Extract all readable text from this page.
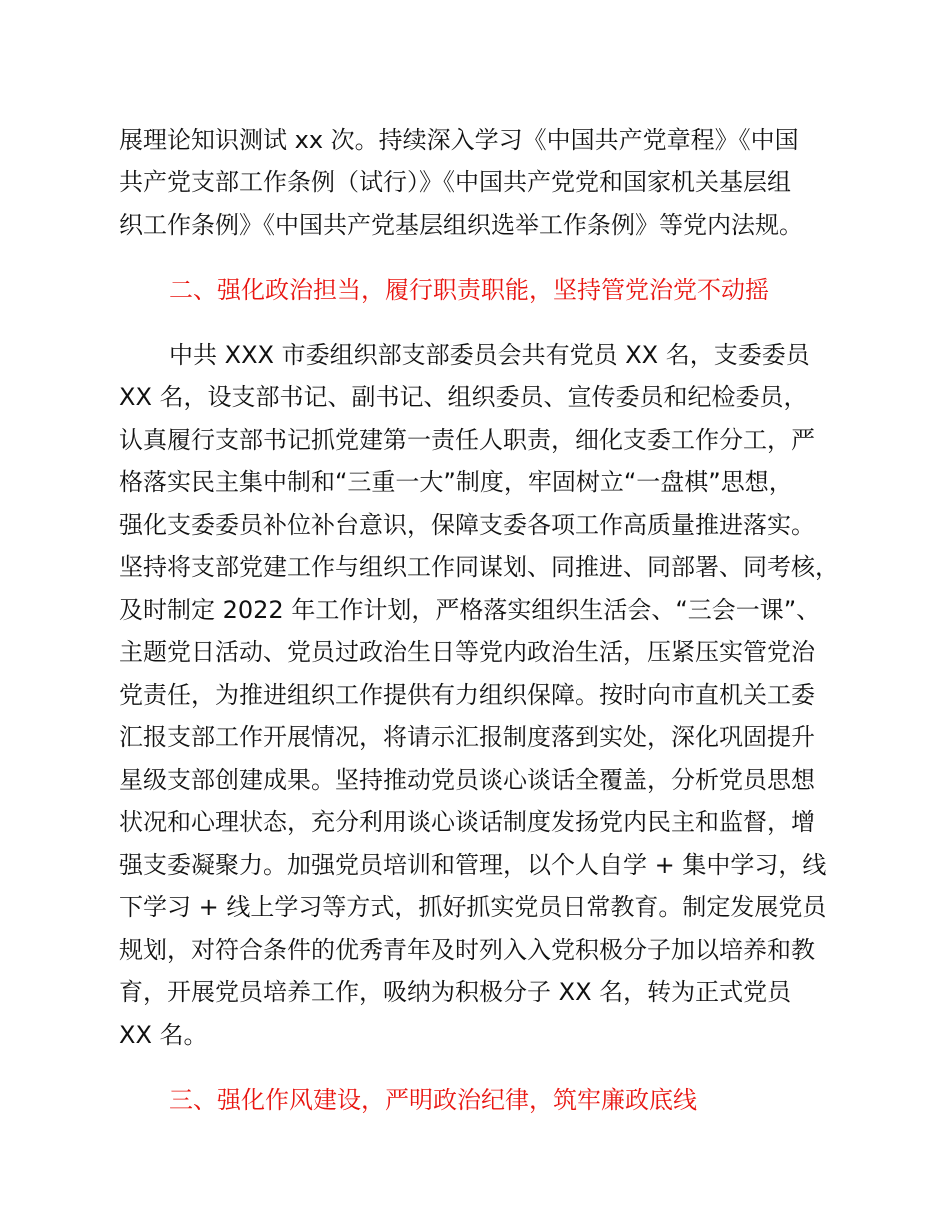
展理论知识测试 xx 次。持续深入学习《中国共产党章程》《中国
共产党支部工作条例（试行）》《中国共产党党和国家机关基层组
织工作条例》《中国共产党基层组织选举工作条例》等党内法规。
二、强化政治担当，履行职责职能，坚持管党治党不动摇
中共 XXX 市委组织部支部委员会共有党员 XX 名，支委委员
XX 名，设支部书记、副书记、组织委员、宣传委员和纪检委员，
认真履行支部书记抓党建第一责任人职责，细化支委工作分工，严
格落实民主集中制和“三重一大”制度，牢固树立“一盘棋”思想，
强化支委委员补位补台意识，保障支委各项工作高质量推进落实。
坚持将支部党建工作与组织工作同谋划、同推进、同部署、同考核，
及时制定 2022 年工作计划，严格落实组织生活会、“三会一课”、
主题党日活动、党员过政治生日等党内政治生活，压紧压实管党治
党责任，为推进组织工作提供有力组织保障。按时向市直机关工委
汇报支部工作开展情况，将请示汇报制度落到实处，深化巩固提升
星级支部创建成果。坚持推动党员谈心谈话全覆盖，分析党员思想
状况和心理状态，充分利用谈心谈话制度发扬党内民主和监督，增
强支委凝聚力。加强党员培训和管理，以个人自学 + 集中学习，线
下学习 + 线上学习等方式，抓好抓实党员日常教育。制定发展党员
规划，对符合条件的优秀青年及时列入入党积极分子加以培养和教
育，开展党员培养工作，吸纳为积极分子 XX 名，转为正式党员
XX 名。
三、强化作风建设，严明政治纪律，筑牢廉政底线
